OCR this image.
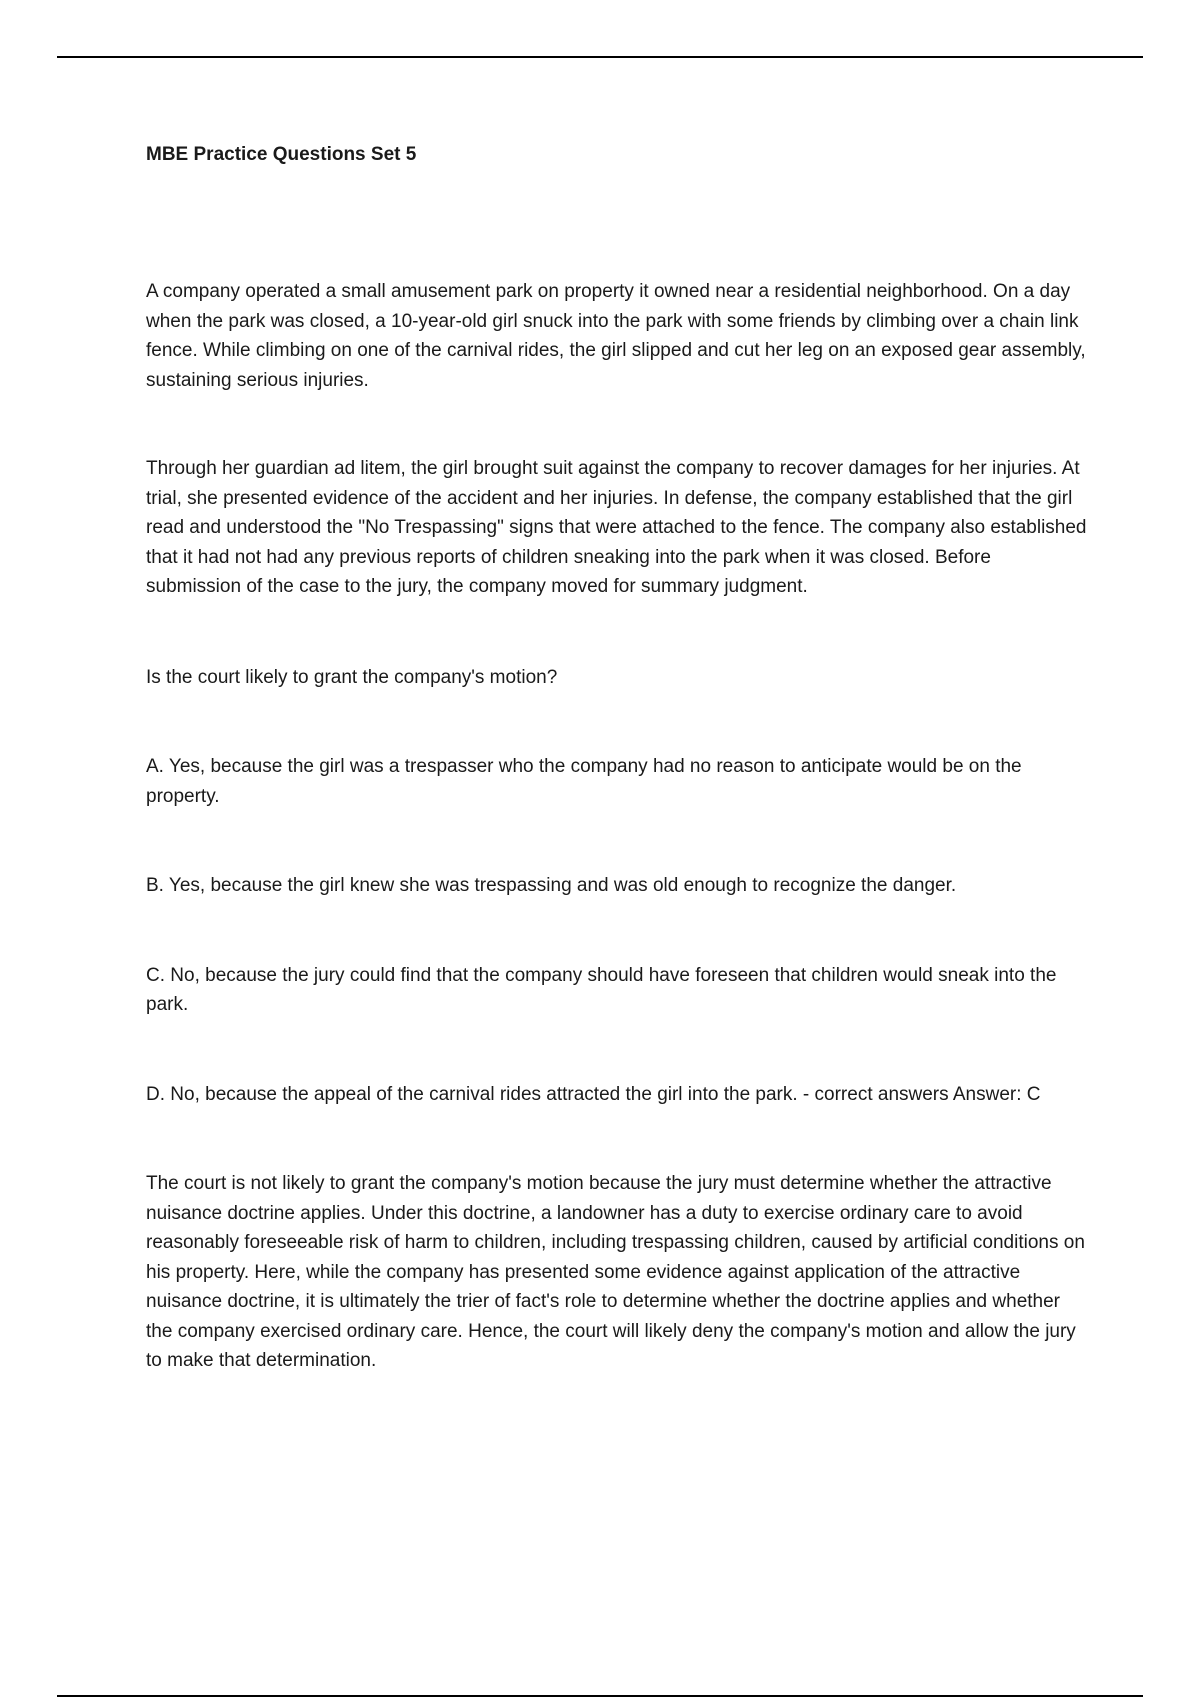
MBE Practice Questions Set 5

A company operated a small amusement park on property it owned near a residential neighborhood. On a day when the park was closed, a 10-year-old girl snuck into the park with some friends by climbing over a chain link fence. While climbing on one of the carnival rides, the girl slipped and cut her leg on an exposed gear assembly, sustaining serious injuries.

Through her guardian ad litem, the girl brought suit against the company to recover damages for her injuries. At trial, she presented evidence of the accident and her injuries. In defense, the company established that the girl read and understood the "No Trespassing" signs that were attached to the fence. The company also established that it had not had any previous reports of children sneaking into the park when it was closed. Before submission of the case to the jury, the company moved for summary judgment.

Is the court likely to grant the company's motion?

A. Yes, because the girl was a trespasser who the company had no reason to anticipate would be on the property.

B. Yes, because the girl knew she was trespassing and was old enough to recognize the danger.

C. No, because the jury could find that the company should have foreseen that children would sneak into the park.

D. No, because the appeal of the carnival rides attracted the girl into the park. - correct answers Answer: C

The court is not likely to grant the company's motion because the jury must determine whether the attractive nuisance doctrine applies. Under this doctrine, a landowner has a duty to exercise ordinary care to avoid reasonably foreseeable risk of harm to children, including trespassing children, caused by artificial conditions on his property. Here, while the company has presented some evidence against application of the attractive nuisance doctrine, it is ultimately the trier of fact's role to determine whether the doctrine applies and whether the company exercised ordinary care. Hence, the court will likely deny the company's motion and allow the jury to make that determination.
